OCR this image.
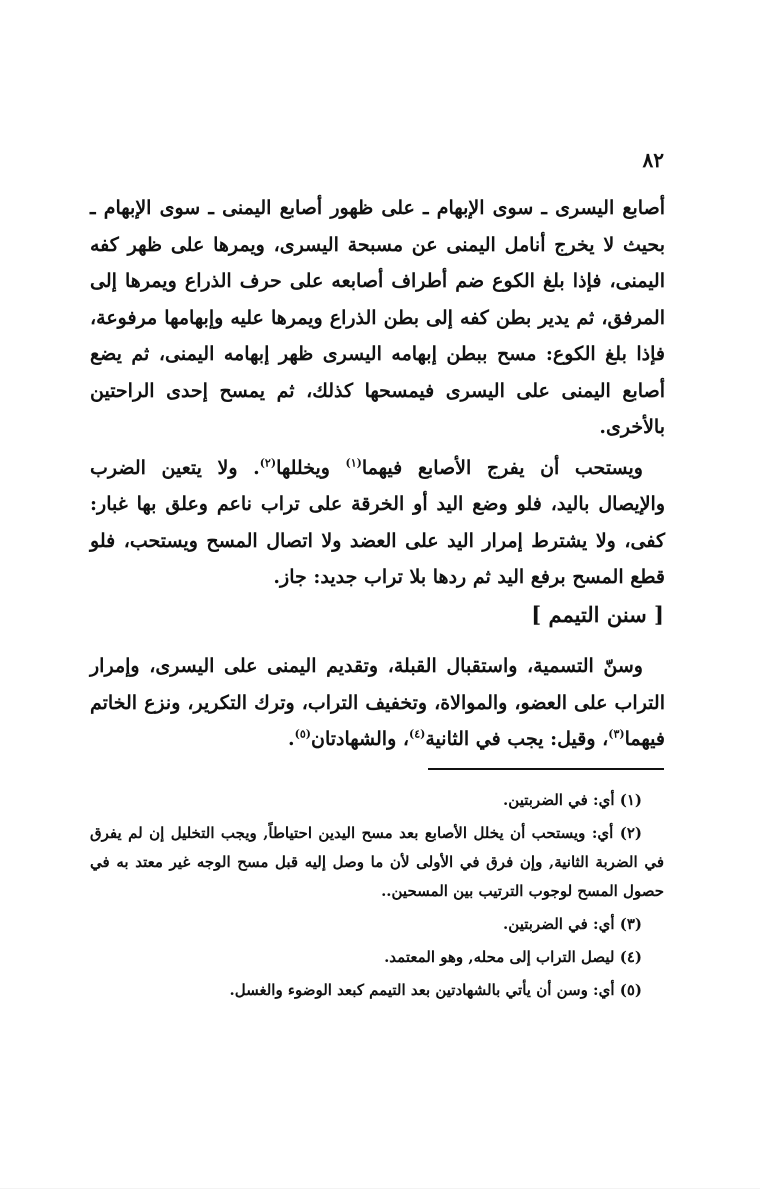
٨٢

أصابع اليسرى ـ سوى الإبهام ـ على ظهور أصابع اليمنى ـ سوى الإبهام ـ بحيث لا يخرج أنامل اليمنى عن مسبحة اليسرى، ويمرها على ظهر كفه اليمنى، فإذا بلغ الكوع ضم أطراف أصابعه على حرف الذراع ويمرها إلى المرفق، ثم يدير بطن كفه إلى بطن الذراع ويمرها عليه وإبهامها مرفوعة، فإذا بلغ الكوع: مسح ببطن إبهامه اليسرى ظهر إبهامه اليمنى، ثم يضع أصابع اليمنى على اليسرى فيمسحها كذلك، ثم يمسح إحدى الراحتين بالأخرى.

ويستحب أن يفرج الأصابع فيهما$^{(١)}$ ويخللها$^{(٢)}$. ولا يتعين الضرب والإيصال باليد، فلو وضع اليد أو الخرقة على تراب ناعم وعلق بها غبار: كفى، ولا يشترط إمرار اليد على العضد ولا اتصال المسح ويستحب، فلو قطع المسح برفع اليد ثم ردها بلا تراب جديد: جاز.

[ سنن التيمم ]

وسنّ التسمية، واستقبال القبلة، وتقديم اليمنى على اليسرى، وإمرار التراب على العضو، والموالاة، وتخفيف التراب، وترك التكرير، ونزع الخاتم فيهما$^{(٣)}$، وقيل: يجب في الثانية$^{(٤)}$، والشهادتان$^{(٥)}$.

(١) أي: في الضربتين.

(٢) أي: ويستحب أن يخلل الأصابع بعد مسح اليدين احتياطاً, ويجب التخليل إن لم يفرق في الضربة الثانية, وإن فرق في الأولى لأن ما وصل إليه قبل مسح الوجه غير معتد به في حصول المسح لوجوب الترتيب بين المسحين..

(٣) أي: في الضربتين.

(٤) ليصل التراب إلى محله, وهو المعتمد.

(٥) أي: وسن أن يأتي بالشهادتين بعد التيمم كبعد الوضوء والغسل.
